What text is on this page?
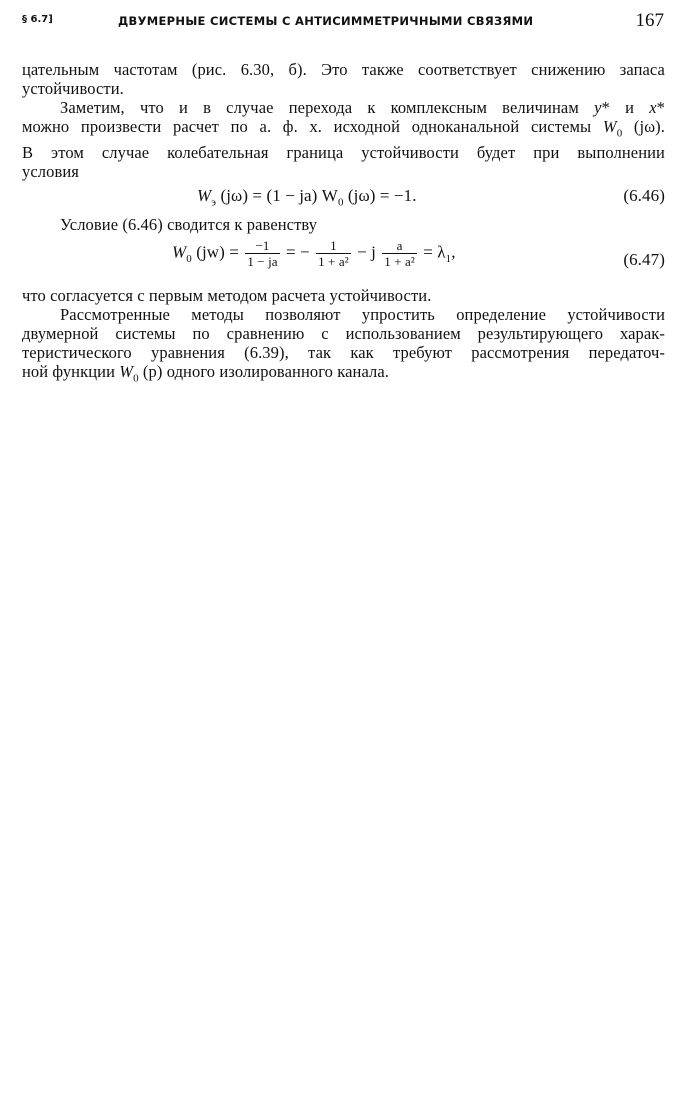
§ 6.7]	ДВУМЕРНЫЕ СИСТЕМЫ С АНТИСИММЕТРИЧНЫМИ СВЯЗЯМИ	167

цательным частотам (рис. 6.30, б). Это также соответствует снижению запаса

устойчивости.

Заметим, что и в случае перехода к комплексным величинам y* и x*

можно произвести расчет по а. ф. х. исходной одноканальной системы $W_0$ (jω).

В этом случае колебательная граница устойчивости будет при выполнении

условия

$W_э$ (jω) = (1 − ja) $W_0$ (jω) = −1.	(6.46)

Условие (6.46) сводится к равенству

$W_0$ $(jw) = \frac{-1}{1 - ja}$ = − $\frac{1}{\text{1 + a²}} - j \frac{a}{\text{1 + a²}} = \lambda_1$,	(6.47)

что согласуется с первым методом расчета устойчивости.

Рассмотренные методы позволяют упростить определение устойчивости

двумерной системы по сравнению с использованием результирующего харак-

теристического уравнения (6.39), так как требуют рассмотрения передаточ-

ной функции $W_0$ (p) одного изолированного канала.
